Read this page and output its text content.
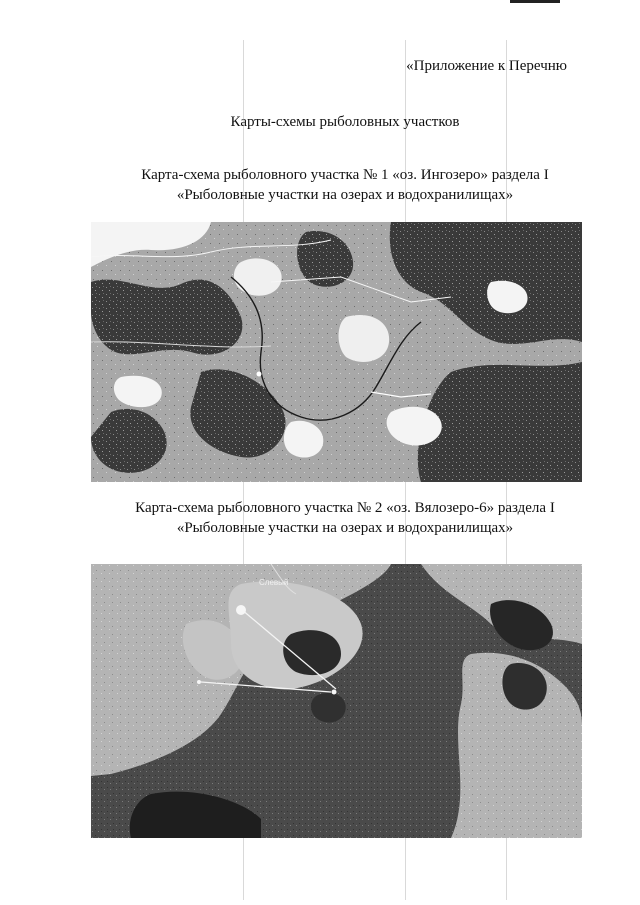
«Приложение к Перечню
Карты-схемы рыболовных участков
Карта-схема рыболовного участка № 1 «оз. Ингозеро» раздела I
«Рыболовные участки на озерах и водохранилищах»
Карта-схема рыболовного участка № 2 «оз. Вялозеро-6» раздела I
«Рыболовные участки на озерах и водохранилищах»
Слевый
